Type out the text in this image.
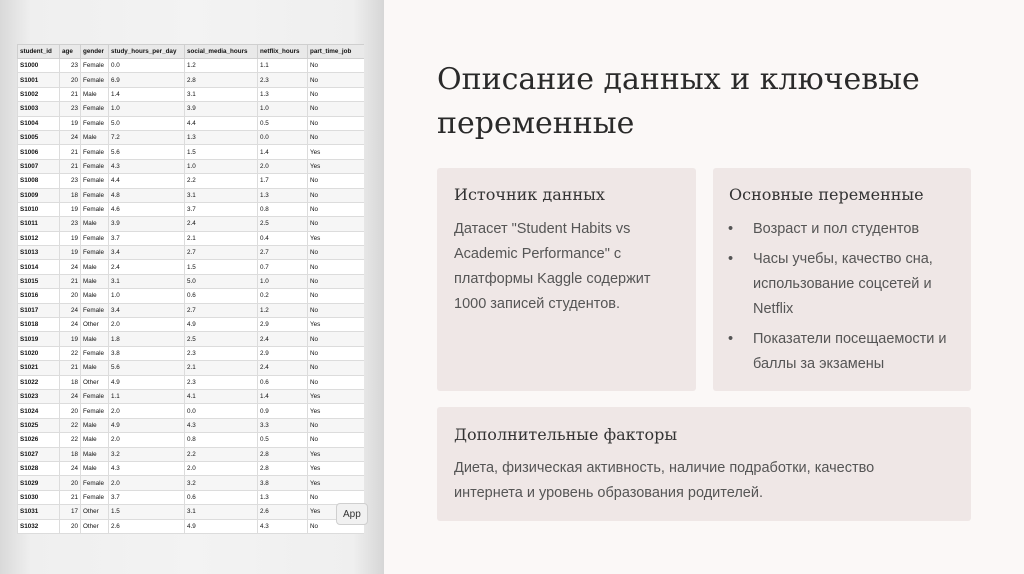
student_id	age	gender	study_hours_per_day	social_media_hours	netflix_hours	part_time_job
S1000	23	Female	0.0	1.2	1.1	No
S1001	20	Female	6.9	2.8	2.3	No
S1002	21	Male	1.4	3.1	1.3	No
S1003	23	Female	1.0	3.9	1.0	No
S1004	19	Female	5.0	4.4	0.5	No
S1005	24	Male	7.2	1.3	0.0	No
S1006	21	Female	5.6	1.5	1.4	Yes
S1007	21	Female	4.3	1.0	2.0	Yes
S1008	23	Female	4.4	2.2	1.7	No
S1009	18	Female	4.8	3.1	1.3	No
S1010	19	Female	4.6	3.7	0.8	No
S1011	23	Male	3.9	2.4	2.5	No
S1012	19	Female	3.7	2.1	0.4	Yes
S1013	19	Female	3.4	2.7	2.7	No
S1014	24	Male	2.4	1.5	0.7	No
S1015	21	Male	3.1	5.0	1.0	No
S1016	20	Male	1.0	0.6	0.2	No
S1017	24	Female	3.4	2.7	1.2	No
S1018	24	Other	2.0	4.9	2.9	Yes
S1019	19	Male	1.8	2.5	2.4	No
S1020	22	Female	3.8	2.3	2.9	No
S1021	21	Male	5.6	2.1	2.4	No
S1022	18	Other	4.9	2.3	0.6	No
S1023	24	Female	1.1	4.1	1.4	Yes
S1024	20	Female	2.0	0.0	0.9	Yes
S1025	22	Male	4.9	4.3	3.3	No
S1026	22	Male	2.0	0.8	0.5	No
S1027	18	Male	3.2	2.2	2.8	Yes
S1028	24	Male	4.3	2.0	2.8	Yes
S1029	20	Female	2.0	3.2	3.8	Yes
S1030	21	Female	3.7	0.6	1.3	No
S1031	17	Other	1.5	3.1	2.6	Yes
S1032	20	Other	2.6	4.9	4.3	No
App
Описание данных и ключевые переменные
Источник данных
Датасет "Student Habits vs Academic Performance" с платформы Kaggle содержит 1000 записей студентов.
Основные переменные
• Возраст и пол студентов
• Часы учебы, качество сна, использование соцсетей и Netflix
• Показатели посещаемости и баллы за экзамены
Дополнительные факторы
Диета, физическая активность, наличие подработки, качество интернета и уровень образования родителей.
